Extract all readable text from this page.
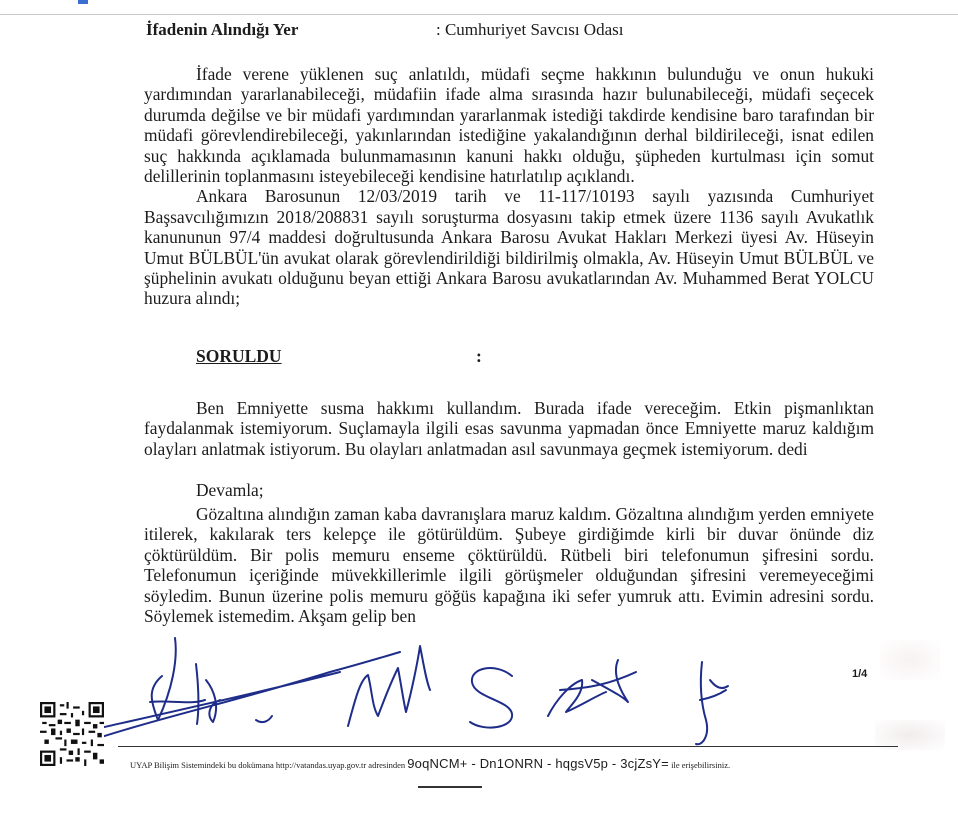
İfadenin Alındığı Yer	: Cumhuriyet Savcısı Odası

İfade verene yüklenen suç anlatıldı, müdafi seçme hakkının bulunduğu ve onun hukuki yardımından yararlanabileceği, müdafiin ifade alma sırasında hazır bulunabileceği, müdafi seçecek durumda değilse ve bir müdafi yardımından yararlanmak istediği takdirde kendisine baro tarafından bir müdafi görevlendirebileceği, yakınlarından istediğine yakalandığının derhal bildirileceği, isnat edilen suç hakkında açıklamada bulunmamasının kanuni hakkı olduğu, şüpheden kurtulması için somut delillerinin toplanmasını isteyebileceği kendisine hatırlatılıp açıklandı.

Ankara Barosunun 12/03/2019 tarih ve 11-117/10193 sayılı yazısında Cumhuriyet Başsavcılığımızın 2018/208831 sayılı soruşturma dosyasını takip etmek üzere 1136 sayılı Avukatlık kanununun 97/4 maddesi doğrultusunda Ankara Barosu Avukat Hakları Merkezi üyesi Av. Hüseyin Umut BÜLBÜL'ün avukat olarak görevlendirildiği bildirilmiş olmakla, Av. Hüseyin Umut BÜLBÜL ve şüphelinin avukatı olduğunu beyan ettiği Ankara Barosu avukatlarından Av. Muhammed Berat YOLCU huzura alındı;

SORULDU	:

Ben Emniyette susma hakkımı kullandım. Burada ifade vereceğim. Etkin pişmanlıktan faydalanmak istemiyorum. Suçlamayla ilgili esas savunma yapmadan önce Emniyette maruz kaldığım olayları anlatmak istiyorum. Bu olayları anlatmadan asıl savunmaya geçmek istemiyorum. dedi

Devamla;

Gözaltına alındığın zaman kaba davranışlara maruz kaldım. Gözaltına alındığım yerden emniyete itilerek, kakılarak ters kelepçe ile götürüldüm. Şubeye girdiğimde kirli bir duvar önünde diz çöktürüldüm. Bir polis memuru enseme çöktürüldü. Rütbeli biri telefonumun şifresini sordu. Telefonumun içeriğinde müvekkillerimle ilgili görüşmeler olduğundan şifresini veremeyeceğimi söyledim. Bunun üzerine polis memuru göğüs kapağına iki sefer yumruk attı. Evimin adresini sordu. Söylemek istemedim. Akşam gelip ben

1/4
UYAP Bilişim Sistemindeki bu dokümana http://vatandas.uyap.gov.tr adresinden 9oqNCM+ - Dn1ONRN - hqgsV5p - 3cjZsY= ile erişebilirsiniz.
